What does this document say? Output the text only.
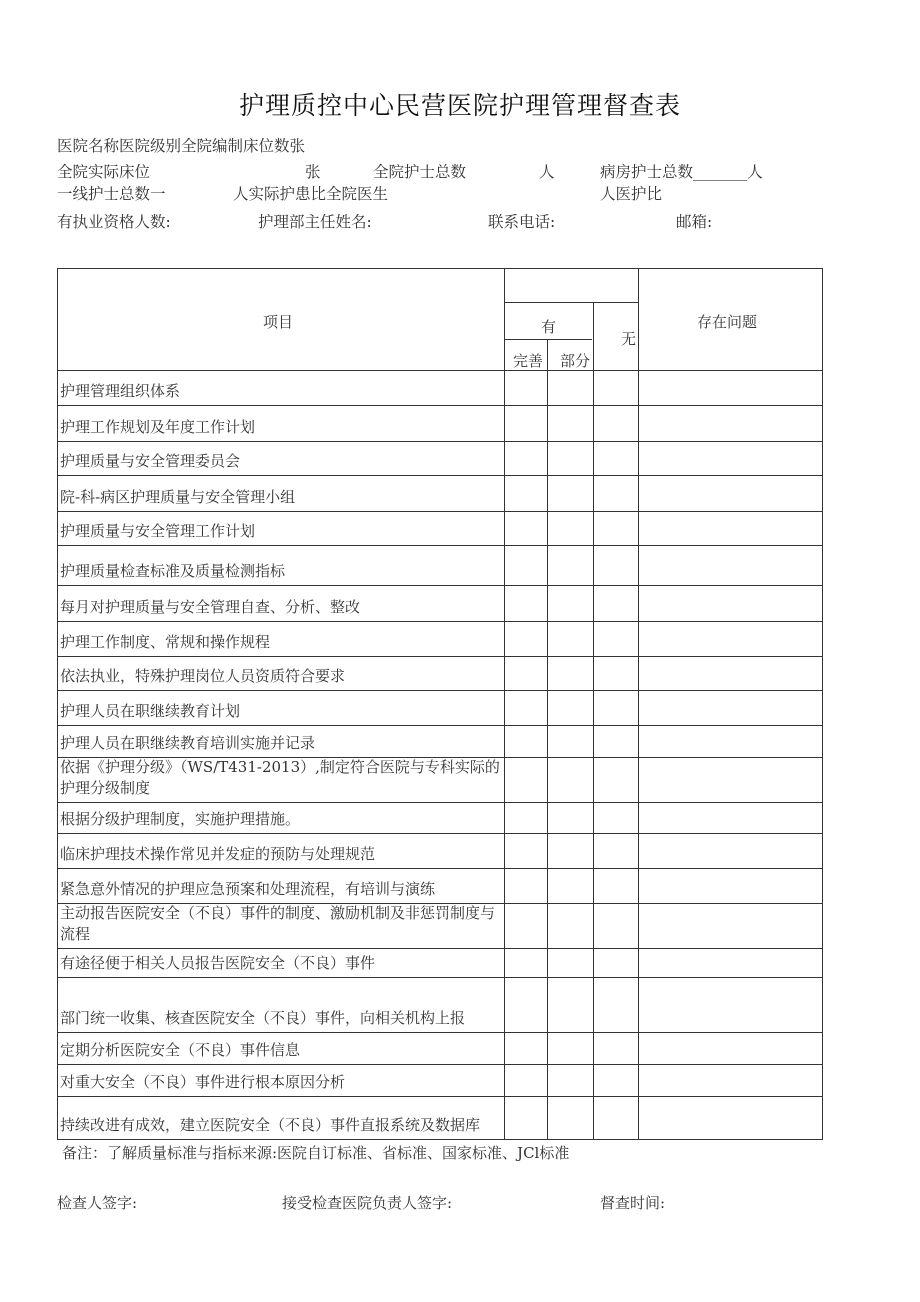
护理质控中心民营医院护理管理督查表
医院名称医院级别全院编制床位数张
全院实际床位	张	全院护士总数	人	病房护士总数_______人
一线护士总数一	人实际护患比全院医生	人医护比
有执业资格人数:	护理部主任姓名:	联系电话:	邮箱:
项目	有
完善 部分
无
存在问题
护理管理组织体系
护理工作规划及年度工作计划
护理质量与安全管理委员会
院-科-病区护理质量与安全管理小组
护理质量与安全管理工作计划
护理质量检查标准及质量检测指标
每月对护理质量与安全管理自查、分析、整改
护理工作制度、常规和操作规程
依法执业，特殊护理岗位人员资质符合要求
护理人员在职继续教育计划
护理人员在职继续教育培训实施并记录
依据《护理分级》（WS/T431-2013）,制定符合医院与专科实际的护理分级制度
根据分级护理制度，实施护理措施。
临床护理技术操作常见并发症的预防与处理规范
紧急意外情况的护理应急预案和处理流程，有培训与演练
主动报告医院安全（不良）事件的制度、激励机制及非惩罚制度与流程
有途径便于相关人员报告医院安全（不良）事件
部门统一收集、核查医院安全（不良）事件，向相关机构上报
定期分析医院安全（不良）事件信息
对重大安全（不良）事件进行根本原因分析
持续改进有成效，建立医院安全（不良）事件直报系统及数据库
备注：了解质量标准与指标来源:医院自订标准、省标准、国家标准、JCl标准
检查人签字:	接受检查医院负责人签字:	督查时间:
